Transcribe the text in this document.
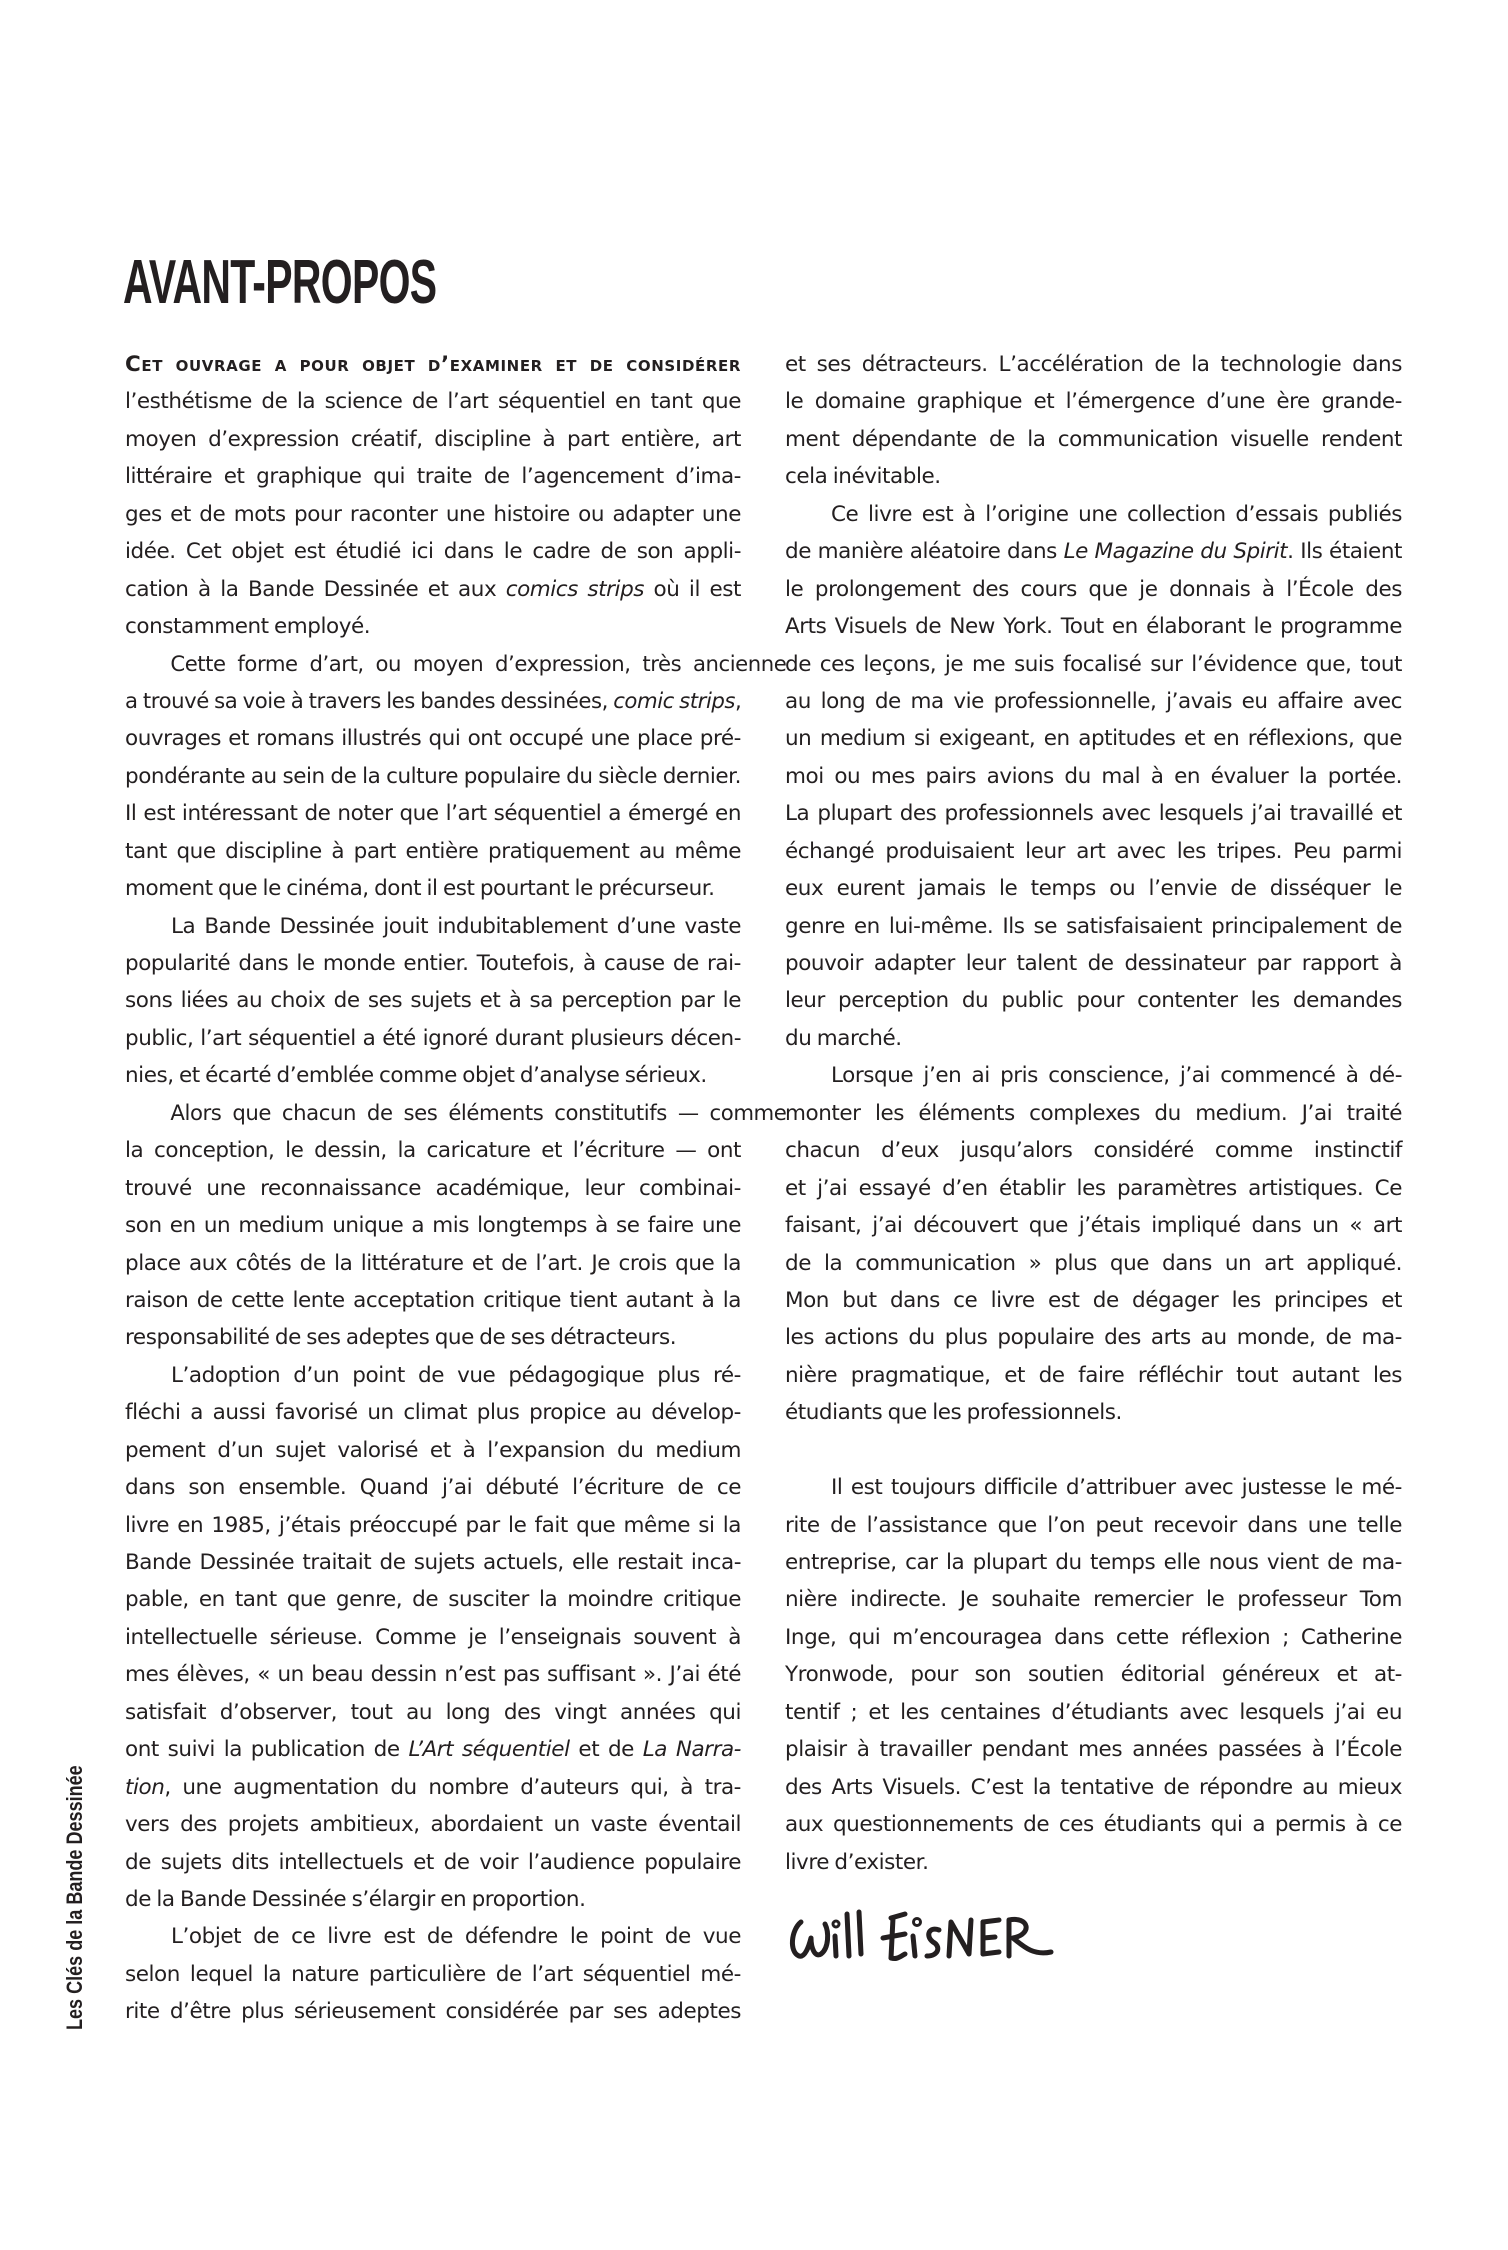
AVANT-PROPOS
Cet ouvrage a pour objet d’examiner et de considérer
l’esthétisme de la science de l’art séquentiel en tant que
moyen d’expression créatif, discipline à part entière, art
littéraire et graphique qui traite de l’agencement d’ima-
ges et de mots pour raconter une histoire ou adapter une
idée. Cet objet est étudié ici dans le cadre de son appli-
cation à la Bande Dessinée et aux comics strips où il est
constamment employé.
Cette forme d’art, ou moyen d’expression, très ancienne
a trouvé sa voie à travers les bandes dessinées, comic strips,
ouvrages et romans illustrés qui ont occupé une place pré-
pondérante au sein de la culture populaire du siècle dernier.
Il est intéressant de noter que l’art séquentiel a émergé en
tant que discipline à part entière pratiquement au même
moment que le cinéma, dont il est pourtant le précurseur.
La Bande Dessinée jouit indubitablement d’une vaste
popularité dans le monde entier. Toutefois, à cause de rai-
sons liées au choix de ses sujets et à sa perception par le
public, l’art séquentiel a été ignoré durant plusieurs décen-
nies, et écarté d’emblée comme objet d’analyse sérieux.
Alors que chacun de ses éléments constitutifs — comme
la conception, le dessin, la caricature et l’écriture — ont
trouvé une reconnaissance académique, leur combinai-
son en un medium unique a mis longtemps à se faire une
place aux côtés de la littérature et de l’art. Je crois que la
raison de cette lente acceptation critique tient autant à la
responsabilité de ses adeptes que de ses détracteurs.
L’adoption d’un point de vue pédagogique plus ré-
fléchi a aussi favorisé un climat plus propice au dévelop-
pement d’un sujet valorisé et à l’expansion du medium
dans son ensemble. Quand j’ai débuté l’écriture de ce
livre en 1985, j’étais préoccupé par le fait que même si la
Bande Dessinée traitait de sujets actuels, elle restait inca-
pable, en tant que genre, de susciter la moindre critique
intellectuelle sérieuse. Comme je l’enseignais souvent à
mes élèves, « un beau dessin n’est pas suffisant ». J’ai été
satisfait d’observer, tout au long des vingt années qui
ont suivi la publication de L’Art séquentiel et de La Narra-
tion, une augmentation du nombre d’auteurs qui, à tra-
vers des projets ambitieux, abordaient un vaste éventail
de sujets dits intellectuels et de voir l’audience populaire
de la Bande Dessinée s’élargir en proportion.
L’objet de ce livre est de défendre le point de vue
selon lequel la nature particulière de l’art séquentiel mé-
rite d’être plus sérieusement considérée par ses adeptes
et ses détracteurs. L’accélération de la technologie dans
le domaine graphique et l’émergence d’une ère grande-
ment dépendante de la communication visuelle rendent
cela inévitable.
Ce livre est à l’origine une collection d’essais publiés
de manière aléatoire dans Le Magazine du Spirit. Ils étaient
le prolongement des cours que je donnais à l’École des
Arts Visuels de New York. Tout en élaborant le programme
de ces leçons, je me suis focalisé sur l’évidence que, tout
au long de ma vie professionnelle, j’avais eu affaire avec
un medium si exigeant, en aptitudes et en réflexions, que
moi ou mes pairs avions du mal à en évaluer la portée.
La plupart des professionnels avec lesquels j’ai travaillé et
échangé produisaient leur art avec les tripes. Peu parmi
eux eurent jamais le temps ou l’envie de disséquer le
genre en lui-même. Ils se satisfaisaient principalement de
pouvoir adapter leur talent de dessinateur par rapport à
leur perception du public pour contenter les demandes
du marché.
Lorsque j’en ai pris conscience, j’ai commencé à dé-
monter les éléments complexes du medium. J’ai traité
chacun d’eux jusqu’alors considéré comme instinctif
et j’ai essayé d’en établir les paramètres artistiques. Ce
faisant, j’ai découvert que j’étais impliqué dans un « art
de la communication » plus que dans un art appliqué.
Mon but dans ce livre est de dégager les principes et
les actions du plus populaire des arts au monde, de ma-
nière pragmatique, et de faire réfléchir tout autant les
étudiants que les professionnels.
Il est toujours difficile d’attribuer avec justesse le mé-
rite de l’assistance que l’on peut recevoir dans une telle
entreprise, car la plupart du temps elle nous vient de ma-
nière indirecte. Je souhaite remercier le professeur Tom
Inge, qui m’encouragea dans cette réflexion ; Catherine
Yronwode, pour son soutien éditorial généreux et at-
tentif ; et les centaines d’étudiants avec lesquels j’ai eu
plaisir à travailler pendant mes années passées à l’École
des Arts Visuels. C’est la tentative de répondre au mieux
aux questionnements de ces étudiants qui a permis à ce
livre d’exister.
Les Clés de la Bande Dessinée
